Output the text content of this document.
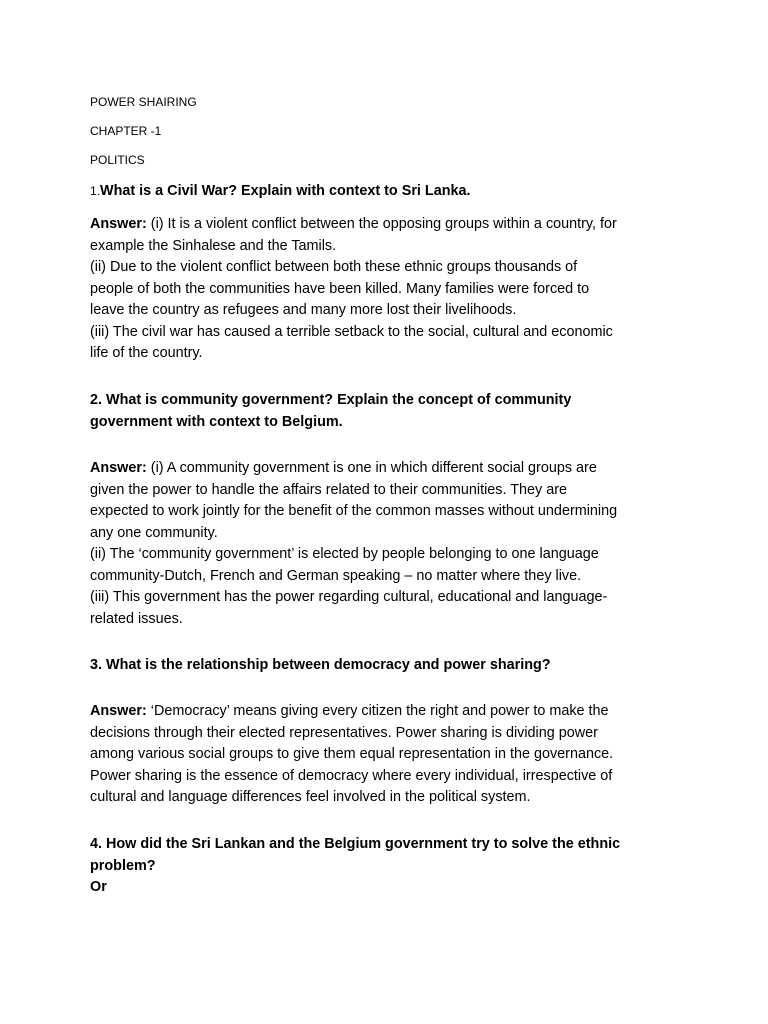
POWER SHAIRING

CHAPTER -1

POLITICS

1.What is a Civil War? Explain with context to Sri Lanka.

Answer: (i) It is a violent conflict between the opposing groups within a country, for
example the Sinhalese and the Tamils.
(ii) Due to the violent conflict between both these ethnic groups thousands of
people of both the communities have been killed. Many families were forced to
leave the country as refugees and many more lost their livelihoods.
(iii) The civil war has caused a terrible setback to the social, cultural and economic
life of the country.
2. What is community government? Explain the concept of community
government with context to Belgium.
Answer: (i) A community government is one in which different social groups are
given the power to handle the affairs related to their communities. They are
expected to work jointly for the benefit of the common masses without undermining
any one community.
(ii) The ‘community government’ is elected by people belonging to one language
community-Dutch, French and German speaking – no matter where they live.
(iii) This government has the power regarding cultural, educational and language-
related issues.

3. What is the relationship between democracy and power sharing?

Answer: ‘Democracy’ means giving every citizen the right and power to make the
decisions through their elected representatives. Power sharing is dividing power
among various social groups to give them equal representation in the governance.
Power sharing is the essence of democracy where every individual, irrespective of
cultural and language differences feel involved in the political system.
4. How did the Sri Lankan and the Belgium government try to solve the ethnic
problem?
Or
